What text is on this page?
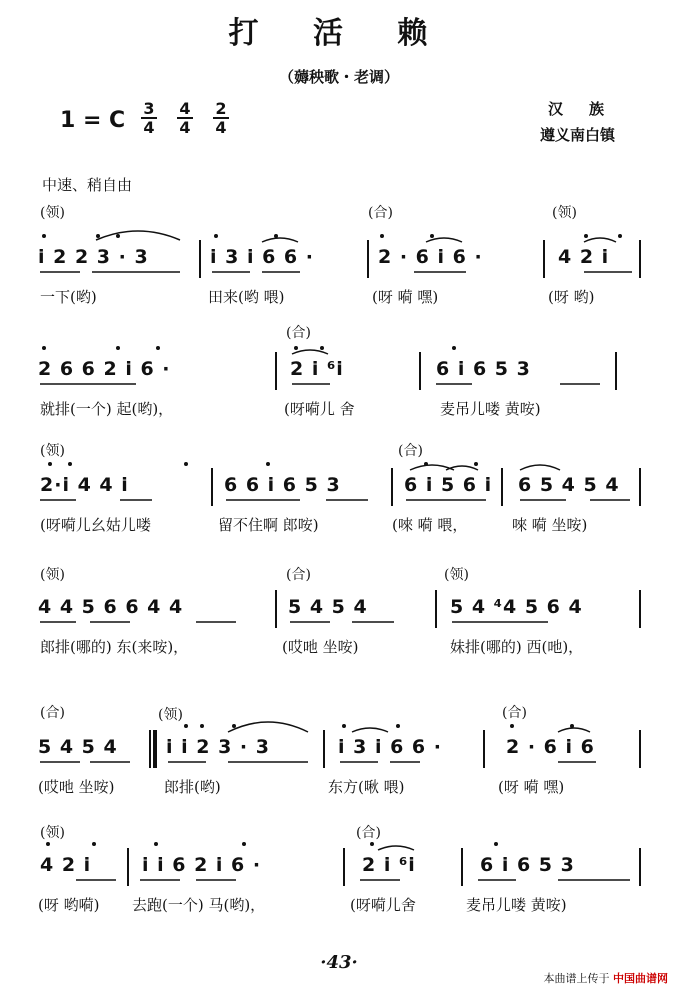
打 活 赖
（薅秧歌・老调）
1 = C 3
4
4
4
2
4
汉族
遵义南白镇
中速、稍自由
(领)	(合)	(领)
i 2 2 3 · 3	i 3 i 6 6 ·	2 · 6 i 6 ·	4 2 i
一下(哟)	田来(哟 喂)	(呀 嗬 嘿)	(呀 哟)
(合)
2 6 6 2 i 6 ·	2 i ⁶i	6 i 6 5 3
就排(一个) 起(哟)，	(呀嗬儿 舍	麦吊儿喽 黄咹)
(领)	(合)
2·i 4 4 i	6 6 i 6 5 3	6 i 5 6 i 6 5 4 5 4
(呀嗬儿幺姑儿喽	留不住啊 郎咹)	(唻 嗬 喂，	唻 嗬 坐咹)
(领)	(合)	(领)
4 4 5 6 6 4 4	5 4 5 4	5 4 ⁴4 5 6 4
郎排(哪的) 东(来咹)，	(哎吔 坐咹)	妹排(哪的) 西(吔)，
(合)	(领)	(合)
5 4 5 4	i i 2 3 · 3	i 3 i 6 6 ·	2 · 6 i 6
(哎吔 坐咹)	郎排(哟)	东方(啾 喂)	(呀 嗬 嘿)
(领)	(合)
4 2 i	i i 6 2 i 6 ·	2 i ⁶i	6 i 6 5 3
(呀 哟嗬) 去跑(一个) 马(哟)，	(呀嗬儿舍	麦吊儿喽 黄咹)
·43·
本曲谱上传于 中国曲谱网
